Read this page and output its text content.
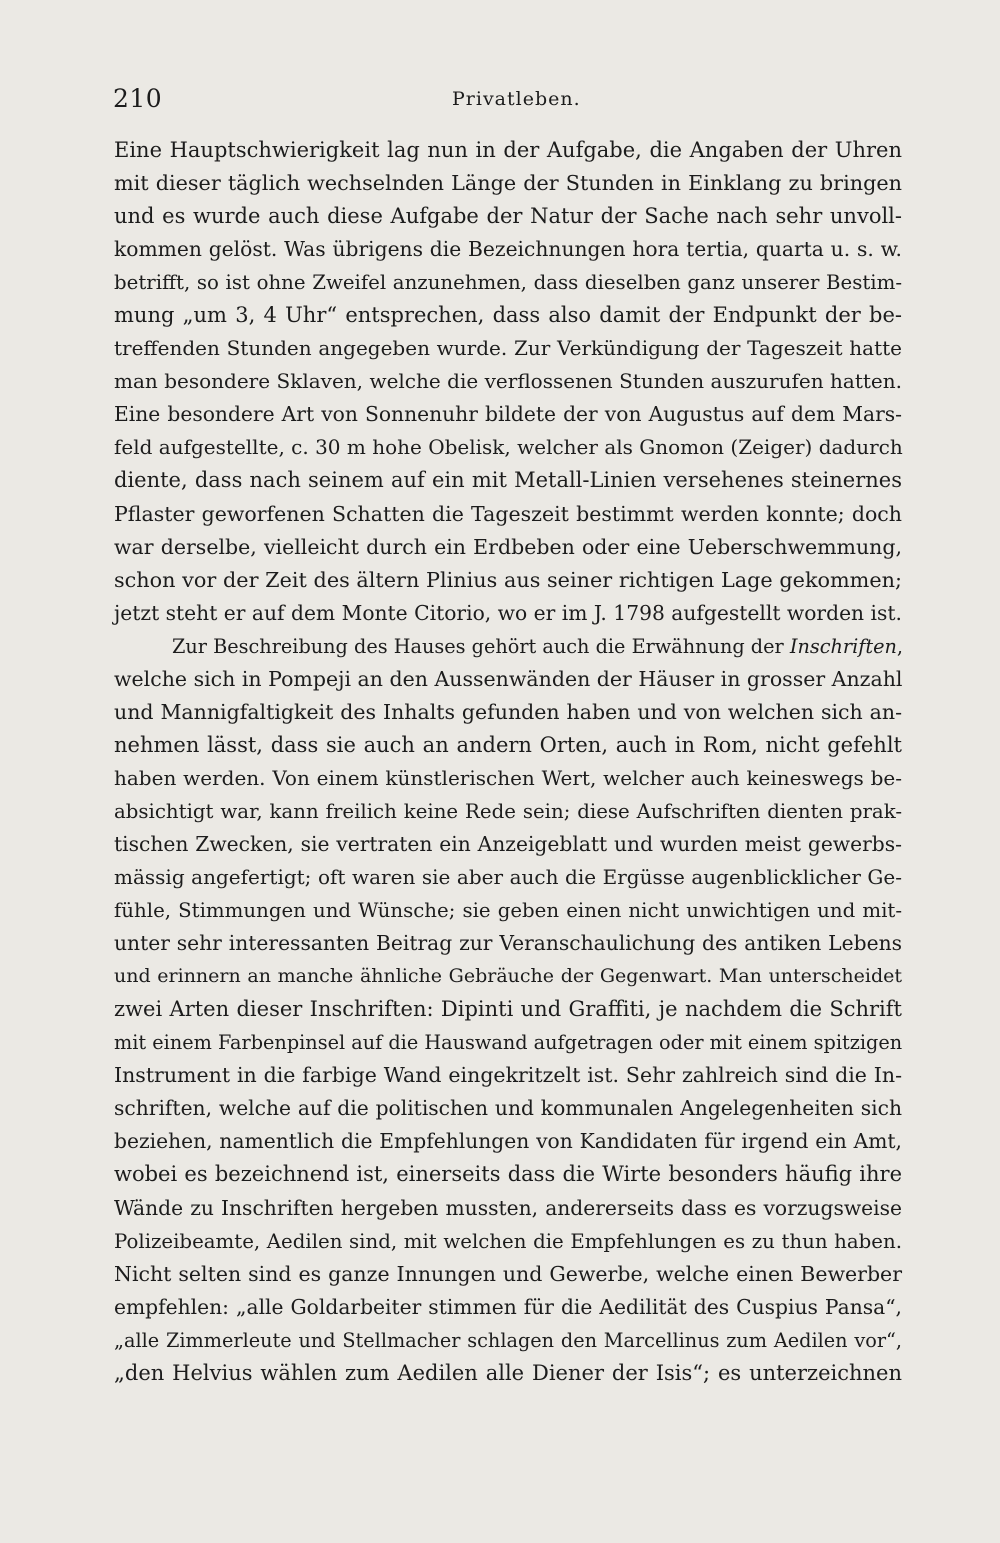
210	Privatleben.
Eine Hauptschwierigkeit lag nun in der Aufgabe, die Angaben der Uhren
mit dieser täglich wechselnden Länge der Stunden in Einklang zu bringen
und es wurde auch diese Aufgabe der Natur der Sache nach sehr unvoll-
kommen gelöst. Was übrigens die Bezeichnungen hora tertia, quarta u. s. w.
betrifft, so ist ohne Zweifel anzunehmen, dass dieselben ganz unserer Bestim-
mung „um 3, 4 Uhr“ entsprechen, dass also damit der Endpunkt der be-
treffenden Stunden angegeben wurde. Zur Verkündigung der Tageszeit hatte
man besondere Sklaven, welche die verflossenen Stunden auszurufen hatten.
Eine besondere Art von Sonnenuhr bildete der von Augustus auf dem Mars-
feld aufgestellte, c. 30 m hohe Obelisk, welcher als Gnomon (Zeiger) dadurch
diente, dass nach seinem auf ein mit Metall-Linien versehenes steinernes
Pflaster geworfenen Schatten die Tageszeit bestimmt werden konnte; doch
war derselbe, vielleicht durch ein Erdbeben oder eine Ueberschwemmung,
schon vor der Zeit des ältern Plinius aus seiner richtigen Lage gekommen;
jetzt steht er auf dem Monte Citorio, wo er im J. 1798 aufgestellt worden ist.
Zur Beschreibung des Hauses gehört auch die Erwähnung der Inschriften,
welche sich in Pompeji an den Aussenwänden der Häuser in grosser Anzahl
und Mannigfaltigkeit des Inhalts gefunden haben und von welchen sich an-
nehmen lässt, dass sie auch an andern Orten, auch in Rom, nicht gefehlt
haben werden. Von einem künstlerischen Wert, welcher auch keineswegs be-
absichtigt war, kann freilich keine Rede sein; diese Aufschriften dienten prak-
tischen Zwecken, sie vertraten ein Anzeigeblatt und wurden meist gewerbs-
mässig angefertigt; oft waren sie aber auch die Ergüsse augenblicklicher Ge-
fühle, Stimmungen und Wünsche; sie geben einen nicht unwichtigen und mit-
unter sehr interessanten Beitrag zur Veranschaulichung des antiken Lebens
und erinnern an manche ähnliche Gebräuche der Gegenwart. Man unterscheidet
zwei Arten dieser Inschriften: Dipinti und Graffiti, je nachdem die Schrift
mit einem Farbenpinsel auf die Hauswand aufgetragen oder mit einem spitzigen
Instrument in die farbige Wand eingekritzelt ist. Sehr zahlreich sind die In-
schriften, welche auf die politischen und kommunalen Angelegenheiten sich
beziehen, namentlich die Empfehlungen von Kandidaten für irgend ein Amt,
wobei es bezeichnend ist, einerseits dass die Wirte besonders häufig ihre
Wände zu Inschriften hergeben mussten, andererseits dass es vorzugsweise
Polizeibeamte, Aedilen sind, mit welchen die Empfehlungen es zu thun haben.
Nicht selten sind es ganze Innungen und Gewerbe, welche einen Bewerber
empfehlen: „alle Goldarbeiter stimmen für die Aedilität des Cuspius Pansa“,
„alle Zimmerleute und Stellmacher schlagen den Marcellinus zum Aedilen vor“,
„den Helvius wählen zum Aedilen alle Diener der Isis“; es unterzeichnen
